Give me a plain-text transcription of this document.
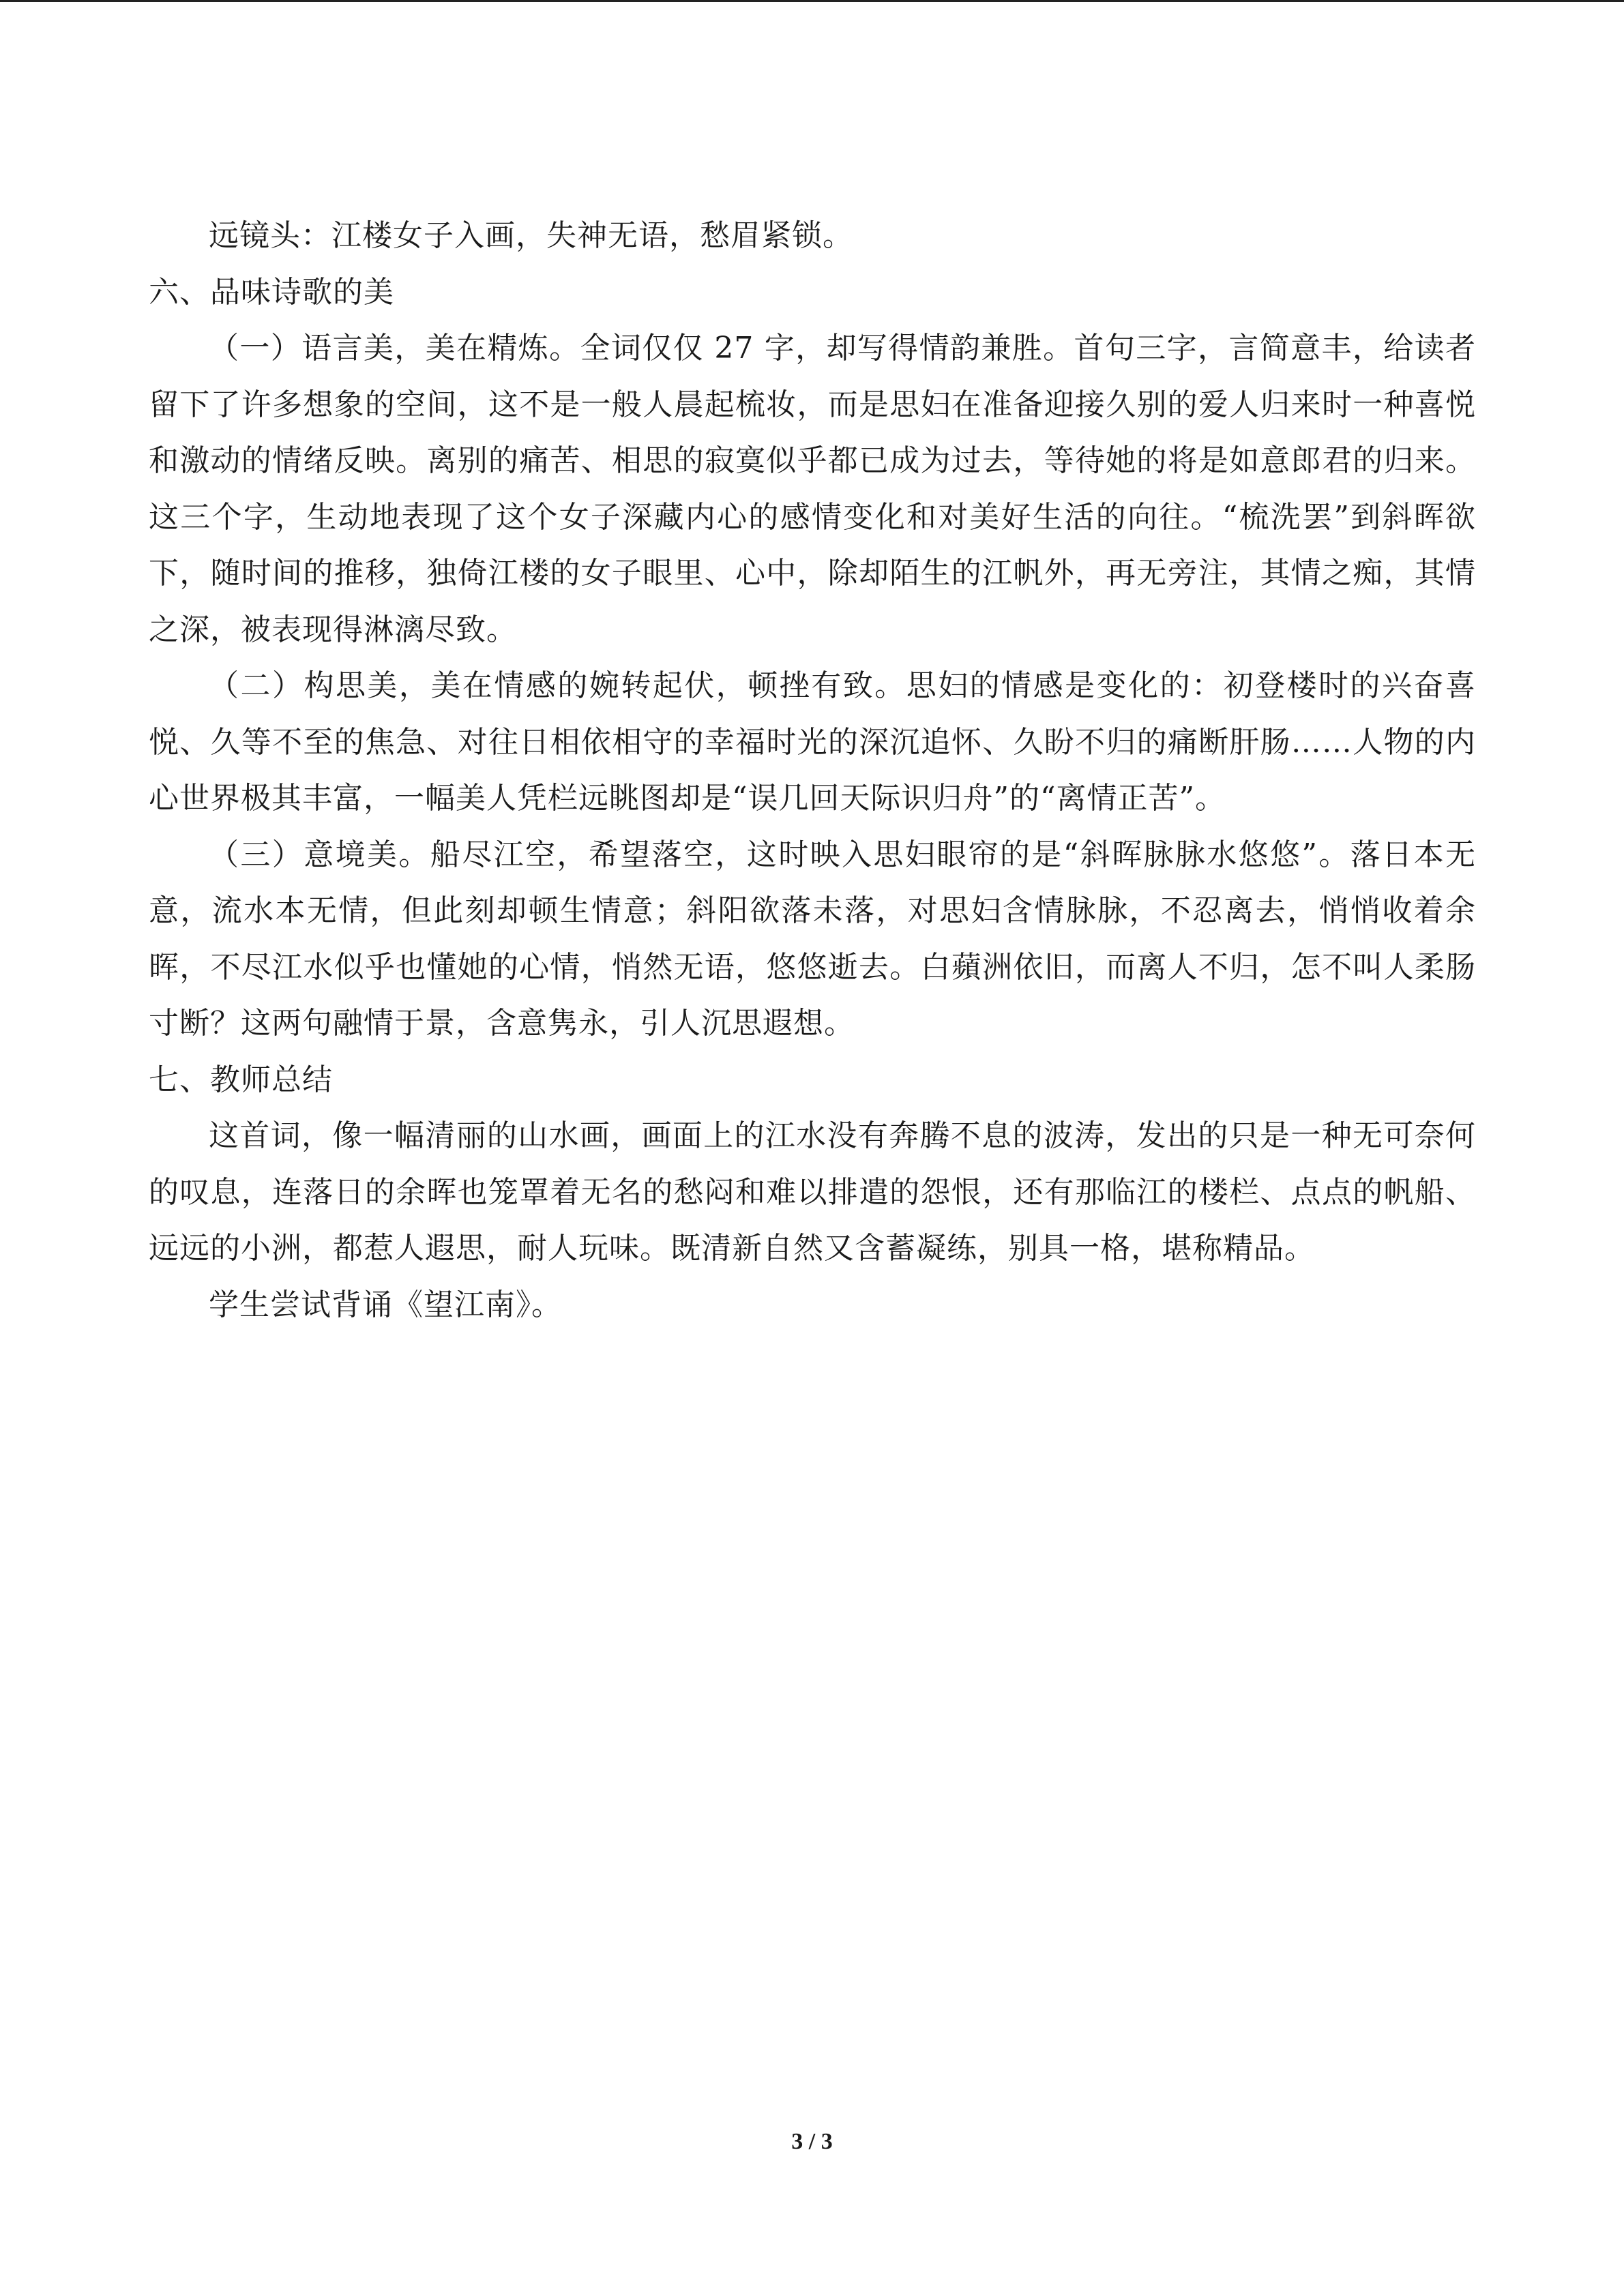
远镜头：江楼女子入画，失神无语，愁眉紧锁。

六、品味诗歌的美

（一）语言美，美在精炼。全词仅仅 27 字，却写得情韵兼胜。首句三字，言简意丰，给读者留下了许多想象的空间，这不是一般人晨起梳妆，而是思妇在准备迎接久别的爱人归来时一种喜悦和激动的情绪反映。离别的痛苦、相思的寂寞似乎都已成为过去，等待她的将是如意郎君的归来。这三个字，生动地表现了这个女子深藏内心的感情变化和对美好生活的向往。“梳洗罢”到斜晖欲下，随时间的推移，独倚江楼的女子眼里、心中，除却陌生的江帆外，再无旁注，其情之痴，其情之深，被表现得淋漓尽致。

（二）构思美，美在情感的婉转起伏，顿挫有致。思妇的情感是变化的：初登楼时的兴奋喜悦、久等不至的焦急、对往日相依相守的幸福时光的深沉追怀、久盼不归的痛断肝肠……人物的内心世界极其丰富，一幅美人凭栏远眺图却是“误几回天际识归舟”的“离情正苦”。

（三）意境美。船尽江空，希望落空，这时映入思妇眼帘的是“斜晖脉脉水悠悠”。落日本无意，流水本无情，但此刻却顿生情意；斜阳欲落未落，对思妇含情脉脉，不忍离去，悄悄收着余晖，不尽江水似乎也懂她的心情，悄然无语，悠悠逝去。白蘋洲依旧，而离人不归，怎不叫人柔肠寸断？这两句融情于景，含意隽永，引人沉思遐想。

七、教师总结

这首词，像一幅清丽的山水画，画面上的江水没有奔腾不息的波涛，发出的只是一种无可奈何的叹息，连落日的余晖也笼罩着无名的愁闷和难以排遣的怨恨，还有那临江的楼栏、点点的帆船、远远的小洲，都惹人遐思，耐人玩味。既清新自然又含蓄凝练，别具一格，堪称精品。

学生尝试背诵《望江南》。

3 / 3
